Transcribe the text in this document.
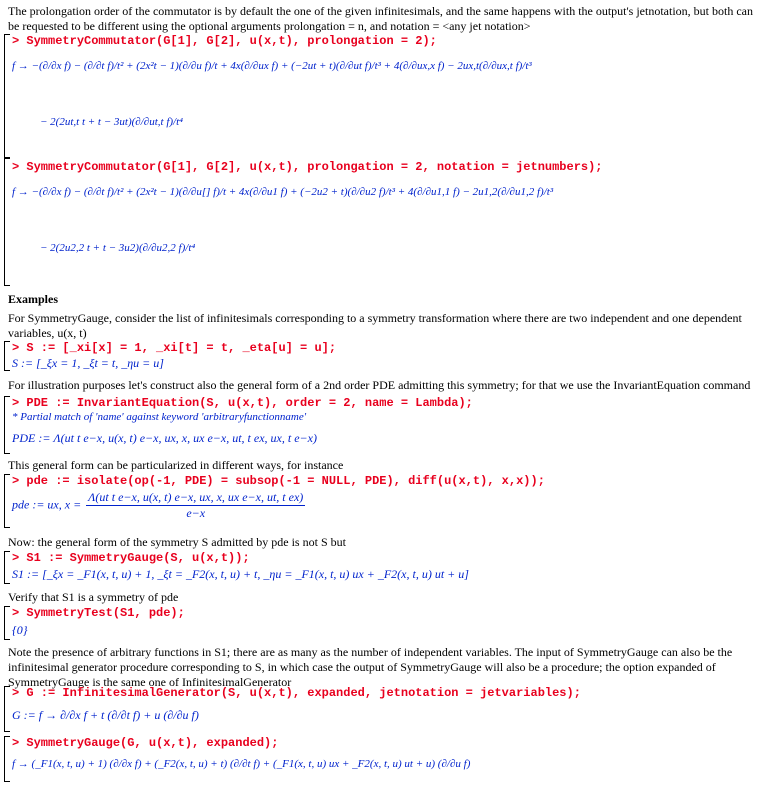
The prolongation order of the commutator is by default the one of the given infinitesimals, and the same happens with the output's jetnotation, but both can be requested to be different using the optional arguments prolongation = n, and notation = <any jet notation>
> SymmetryCommutator(G[1], G[2], u(x,t), prolongation = 2);
f → −(∂/∂x f) − (∂/∂t f)/t² + (2x²t − 1)(∂/∂u f)/t + 4x(∂/∂ux f) + (−2ut + t)(∂/∂ut f)/t³ + 4(∂/∂ux,x f) − 2ux,t(∂/∂ux,t f)/t³
− 2(2ut,t t + t − 3ut)(∂/∂ut,t f)/t⁴
> SymmetryCommutator(G[1], G[2], u(x,t), prolongation = 2, notation = jetnumbers);
f → −(∂/∂x f) − (∂/∂t f)/t² + (2x²t − 1)(∂/∂u[] f)/t + 4x(∂/∂u1 f) + (−2u2 + t)(∂/∂u2 f)/t³ + 4(∂/∂u1,1 f) − 2u1,2(∂/∂u1,2 f)/t³
− 2(2u2,2 t + t − 3u2)(∂/∂u2,2 f)/t⁴
Examples
For SymmetryGauge, consider the list of infinitesimals corresponding to a symmetry transformation where there are two independent and one dependent variables, u(x, t)
> S := [_xi[x] = 1, _xi[t] = t, _eta[u] = u];
S := [_ξx = 1, _ξt = t, _ηu = u]
For illustration purposes let's construct also the general form of a 2nd order PDE admitting this symmetry; for that we use the InvariantEquation command
> PDE := InvariantEquation(S, u(x,t), order = 2, name = Lambda);
* Partial match of 'name' against keyword 'arbitraryfunctionname'
PDE := Λ(ut t e−x, u(x, t) e−x, ux, x, ux e−x, ut, t ex, ux, t e−x)
This general form can be particularized in different ways, for instance
> pde := isolate(op(-1, PDE) = subsop(-1 = NULL, PDE), diff(u(x,t), x,x));
pde := ux, $x = \frac{\text{Λ(ut t e−x, u(x, t) e−x, ux, x, ux e−x, ut, t ex)}}{e-x}$
Now: the general form of the symmetry S admitted by pde is not S but
> S1 := SymmetryGauge(S, u(x,t));
S1 := [_ξx = _F1(x, t, u) + 1, _ξt = _F2(x, t, u) + t, _ηu = _F1(x, t, u) ux + _F2(x, t, u) ut + u]
Verify that S1 is a symmetry of pde
> SymmetryTest(S1, pde);
{0}
Note the presence of arbitrary functions in S1; there are as many as the number of independent variables. The input of SymmetryGauge can also be the infinitesimal generator procedure corresponding to S, in which case the output of SymmetryGauge will also be a procedure; the option expanded of SymmetryGauge is the same one of InfinitesimalGenerator
> G := InfinitesimalGenerator(S, u(x,t), expanded, jetnotation = jetvariables);
G := f → ∂/∂x f + t (∂/∂t f) + u (∂/∂u f)
> SymmetryGauge(G, u(x,t), expanded);
f → (_F1(x, t, u) + 1) (∂/∂x f) + (_F2(x, t, u) + t) (∂/∂t f) + (_F1(x, t, u) ux + _F2(x, t, u) ut + u) (∂/∂u f)
